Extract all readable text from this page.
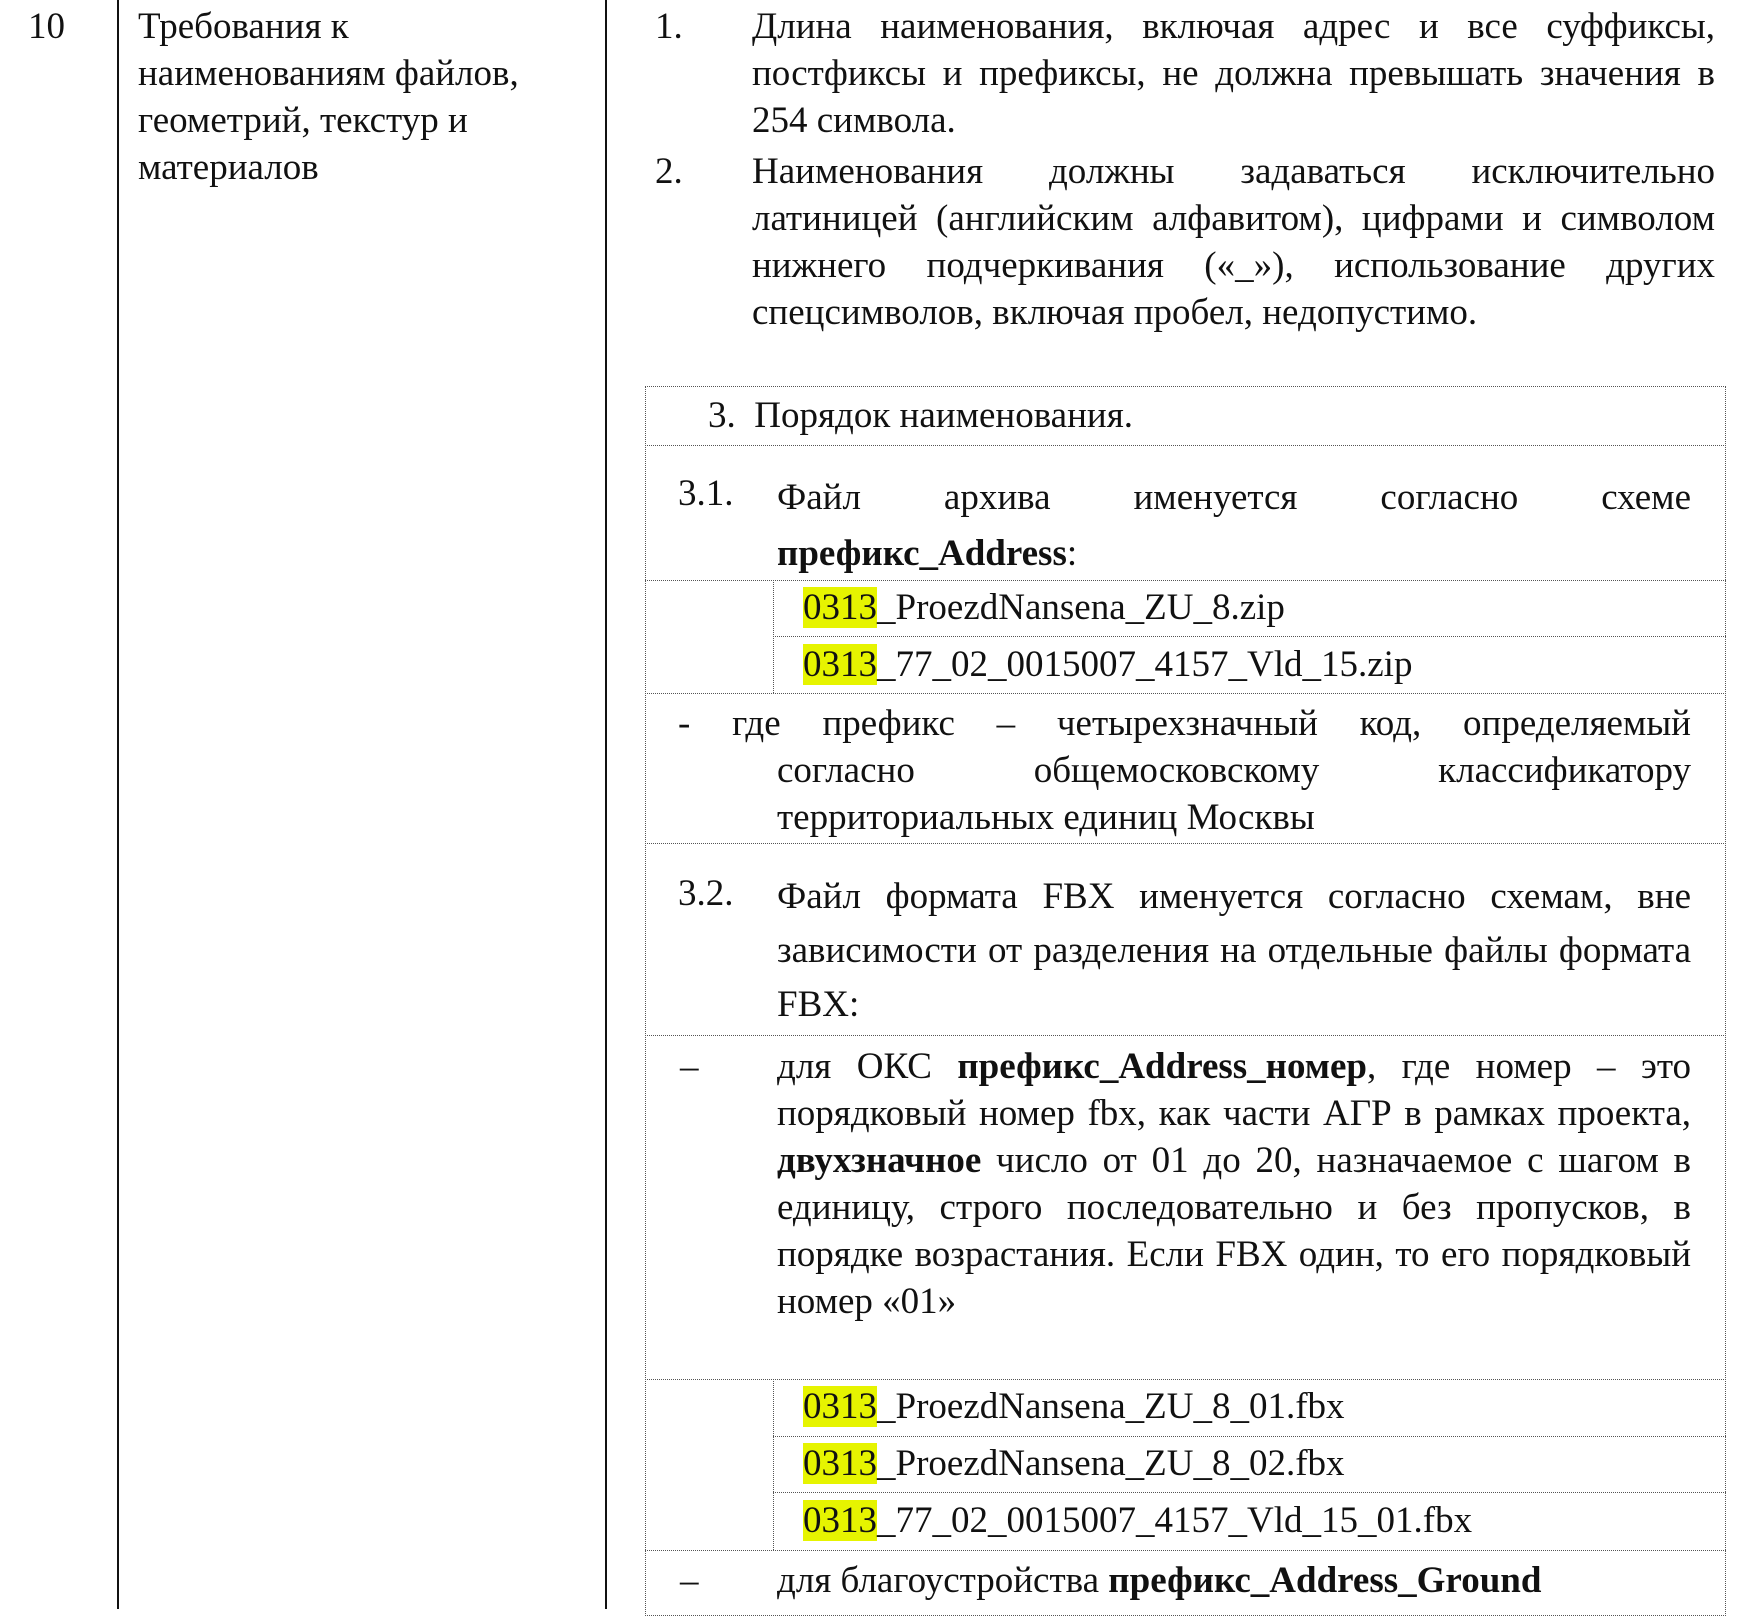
10 Требования к
наименованиям файлов,
геометрий, текстур и
материалов
1. Длина наименования, включая адрес и все суффиксы, постфиксы и префиксы, не должна превышать значения в 254 символа.
2. Наименования должны задаваться исключительно латиницей (английским алфавитом), цифрами и символом нижнего подчеркивания («_»), использование других спецсимволов, включая пробел, недопустимо.
3.  Порядок наименования.
3.1. Файл архива именуется согласно схеме
префикс_Address:
0313_ProezdNansena_ZU_8.zip
0313_77_02_0015007_4157_Vld_15.zip
- где префикс – четырехзначный код, определяемый
согласно общемосковскому классификатору территориальных единиц Москвы
3.2. Файл формата FBX именуется согласно схемам, вне зависимости от разделения на отдельные файлы формата FBX:
– для ОКС префикс_Address_номер, где номер – это порядковый номер fbx, как части АГР в рамках проекта, двухзначное число от 01 до 20, назначаемое с шагом в единицу, строго последовательно и без пропусков, в порядке возрастания. Если FBX один, то его порядковый номер «01»
0313_ProezdNansena_ZU_8_01.fbx
0313_ProezdNansena_ZU_8_02.fbx
0313_77_02_0015007_4157_Vld_15_01.fbx
– для благоустройства префикс_Address_Ground
